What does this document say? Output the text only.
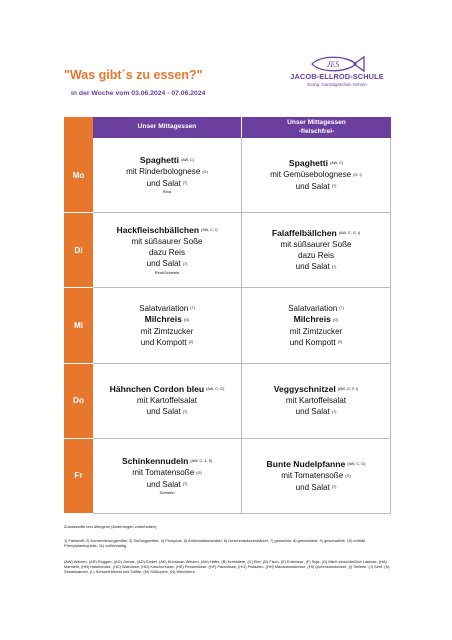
"Was gibt´s zu essen?"
in der Woche vom 03.06.2024 - 07.06.2024
JES
JACOB-ELLROD-SCHULE
Evang. Ganztagsschule Gehren
Unser Mittagessen
Unser Mittagessen
-fleischfrei-
Mo
Spaghetti (AW, C)
mit Rinderbolognese (G)
und Salat (7)
Rind
Spaghetti (AW, C)
mit Gemüsebolognese (G, I)
und Salat (7)
Di
Hackfleischbällchen (AW, C, I)
mit süßsaurer Soße
dazu Reis
und Salat (7)
Rind/Schwein
Falaffelbällchen (AW, C, G, I)
mit süßsaurer Soße
dazu Reis
und Salat (7)
Mi
Salatvariation (7)
Milchreis (G)
mit Zimtzucker
und Kompott (2)
Salatvariation (7)
Milchreis (G)
mit Zimtzucker
und Kompott (2)
Do
Hähnchen Cordon bleu (AW, C, G)
mit Kartoffelsalat
und Salat (7)
Veggyschnitzel (AW, G, F, I)
mit Kartoffelsalat
und Salat (7)
Fr
Schinkennudeln (AW, C, 4, 5)
mit Tomatensoße (G)
und Salat (7)
Schwein
Bunte Nudelpfanne (AW, C, G)
mit Tomatensoße (G)
und Salat (7)
Zusatzstoffe und Allergene (Änderungen vorbehalten):
1) Farbstoff, 2) Konservierungsmittel, 3) Süßungsmittel, 4) Phosphat, 5) Antioxidationsmittel, 6) Geschmacksverstärker, 7) gewachst, 8) geschwärzt, 9) geschwefelt, 10) enthält Phenylalaninquelle, 11) coffeinhaltig.
(AW) Weizen, (AR) Roggen, (AG) Gerste, (AD) Dinkel, (AK) Khorasan-Weizen, (AH) Hafer, (B) Krebstiere, (C) Eier, (D) Fisch, (E) Erdnüsse, (F) Soja, (G) Milch einschließlich Laktose, (HA) Mandeln, (HB) Haselnüsse, (HC) Walnüsse, (HD) Kaschunüsse, (HE) Pecannüsse, (HF) Paranüsse, (HG) Pistazien, (HH) Macadamianüsse, (HI) Queenslandnüsse, (I) Sellerie, (J) Senf, (K) Sesamsamen, (L) Schwefeldioxid und Sulfite, (M) Süßlupine, (N) Weichtiere.
